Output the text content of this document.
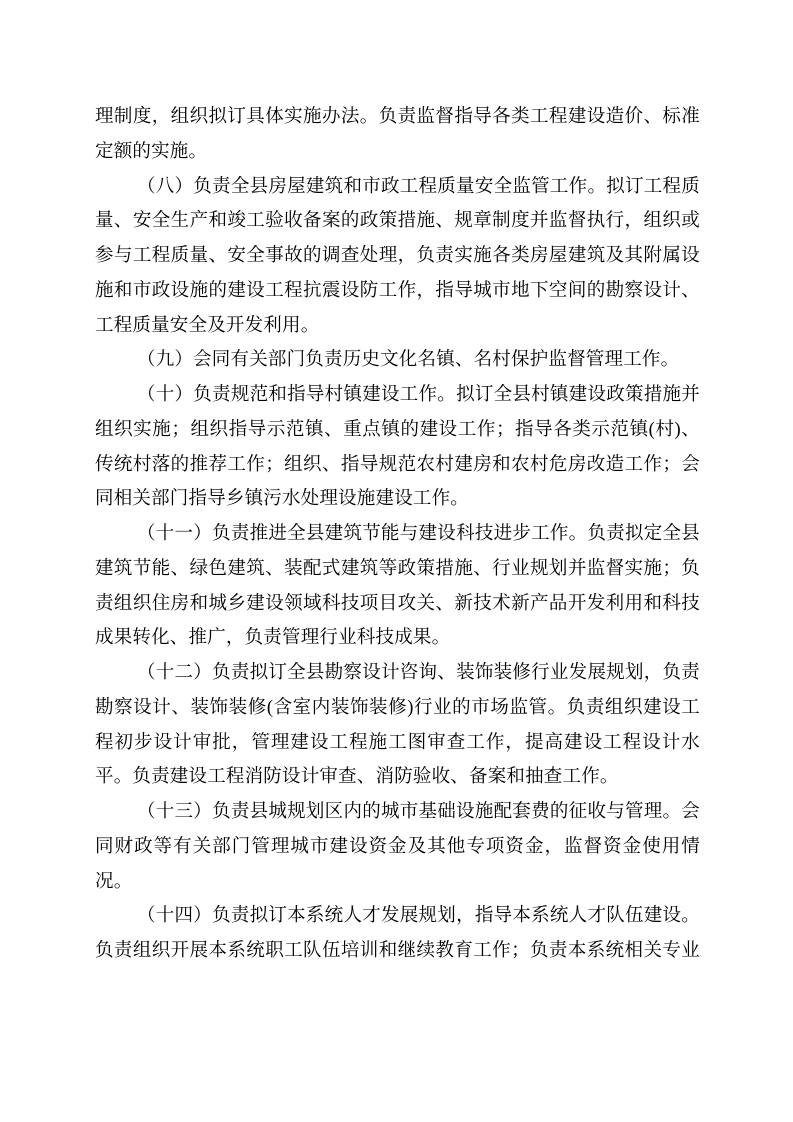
理制度，组织拟订具体实施办法。负责监督指导各类工程建设造价、标准
定额的实施。
（八）负责全县房屋建筑和市政工程质量安全监管工作。拟订工程质
量、安全生产和竣工验收备案的政策措施、规章制度并监督执行，组织或
参与工程质量、安全事故的调查处理，负责实施各类房屋建筑及其附属设
施和市政设施的建设工程抗震设防工作，指导城市地下空间的勘察设计、
工程质量安全及开发利用。
（九）会同有关部门负责历史文化名镇、名村保护监督管理工作。
（十）负责规范和指导村镇建设工作。拟订全县村镇建设政策措施并
组织实施；组织指导示范镇、重点镇的建设工作；指导各类示范镇(村)、
传统村落的推荐工作；组织、指导规范农村建房和农村危房改造工作；会
同相关部门指导乡镇污水处理设施建设工作。
（十一）负责推进全县建筑节能与建设科技进步工作。负责拟定全县
建筑节能、绿色建筑、装配式建筑等政策措施、行业规划并监督实施；负
责组织住房和城乡建设领域科技项目攻关、新技术新产品开发利用和科技
成果转化、推广，负责管理行业科技成果。
（十二）负责拟订全县勘察设计咨询、装饰装修行业发展规划，负责
勘察设计、装饰装修(含室内装饰装修)行业的市场监管。负责组织建设工
程初步设计审批，管理建设工程施工图审查工作，提高建设工程设计水
平。负责建设工程消防设计审查、消防验收、备案和抽查工作。
（十三）负责县城规划区内的城市基础设施配套费的征收与管理。会
同财政等有关部门管理城市建设资金及其他专项资金，监督资金使用情
况。
（十四）负责拟订本系统人才发展规划，指导本系统人才队伍建设。
负责组织开展本系统职工队伍培训和继续教育工作；负责本系统相关专业
